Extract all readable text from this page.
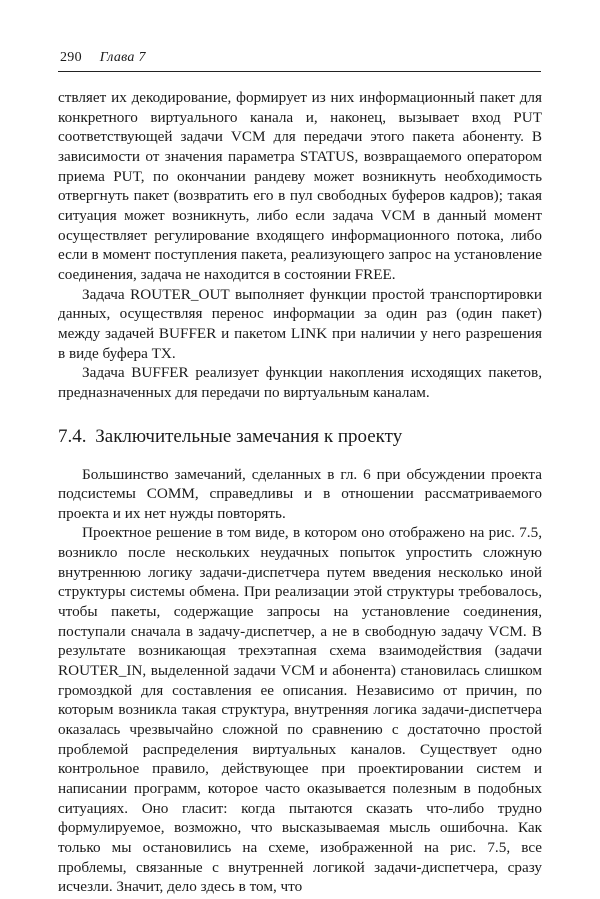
290 Глава 7

ствляет их декодирование, формирует из них информационный пакет для конкретного виртуального канала и, наконец, вызывает вход PUT соответствующей задачи VCM для передачи этого пакета абоненту. В зависимости от значения параметра STATUS, возвращаемого оператором приема PUT, по окончании рандеву может возникнуть необходимость отвергнуть пакет (возвратить его в пул свободных буферов кадров); такая ситуация может возникнуть, либо если задача VCM в данный момент осуществляет регулирование входящего информационного потока, либо если в момент поступления пакета, реализующего запрос на установление соединения, задача не находится в состоянии FREE.

Задача ROUTER_OUT выполняет функции простой транспортировки данных, осуществляя перенос информации за один раз (один пакет) между задачей BUFFER и пакетом LINK при наличии у него разрешения в виде буфера TX.

Задача BUFFER реализует функции накопления исходящих пакетов, предназначенных для передачи по виртуальным каналам.

7.4. Заключительные замечания к проекту

Большинство замечаний, сделанных в гл. 6 при обсуждении проекта подсистемы COMM, справедливы и в отношении рассматриваемого проекта и их нет нужды повторять.

Проектное решение в том виде, в котором оно отображено на рис. 7.5, возникло после нескольких неудачных попыток упростить сложную внутреннюю логику задачи-диспетчера путем введения несколько иной структуры системы обмена. При реализации этой структуры требовалось, чтобы пакеты, содержащие запросы на установление соединения, поступали сначала в задачу-диспетчер, а не в свободную задачу VCM. В результате возникающая трехэтапная схема взаимодействия (задачи ROUTER_IN, выделенной задачи VCM и абонента) становилась слишком громоздкой для составления ее описания. Независимо от причин, по которым возникла такая структура, внутренняя логика задачи-диспетчера оказалась чрезвычайно сложной по сравнению с достаточно простой проблемой распределения виртуальных каналов. Существует одно контрольное правило, действующее при проектировании систем и написании программ, которое часто оказывается полезным в подобных ситуациях. Оно гласит: когда пытаются сказать что-либо трудно формулируемое, возможно, что высказываемая мысль ошибочна. Как только мы остановились на схеме, изображенной на рис. 7.5, все проблемы, связанные с внутренней логикой задачи-диспетчера, сразу исчезли. Значит, дело здесь в том, что
